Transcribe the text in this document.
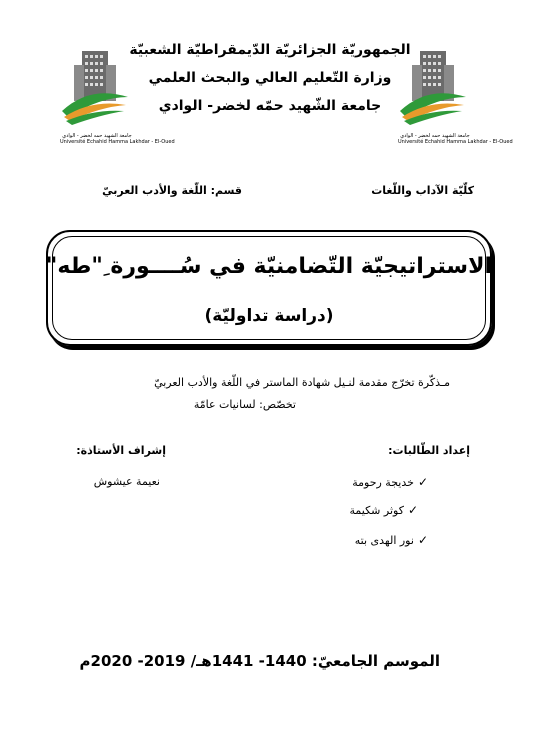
الجمهوريّة الجزائريّة الدّيمقراطيّة الشعبيّة
وزارة التّعليم العالي والبحث العلمي
جامعة الشّهيد حمّه لخضر- الوادي
جامعة الشهيد حمه لخضر - الوادي
Université Echahid Hamma Lakhdar - El-Oued
جامعة الشهيد حمه لخضر - الوادي
Université Echahid Hamma Lakhdar - El-Oued
كلّيّة الآداب واللّغات
قسم: اللّغة والأدب العربيّ
الاستراتيجيّة التّضامنيّة في سُــــورة ِ"طه"
(دراسة تداوليّة)
مـذكّرة تخرّج مقدمة لنـيل شهادة الماستر في اللّغة والأدب العربيّ
تخصّص: لسانيات عامّة
إعداد الطّالبات:
✓خديجة رحومة
✓كوثر شكيمة
✓نور الهدى بته
إشراف الأستاذة:
نعيمة عيشوش
الموسم الجامعيّ: 1440- 1441هـ/ 2019- 2020م
